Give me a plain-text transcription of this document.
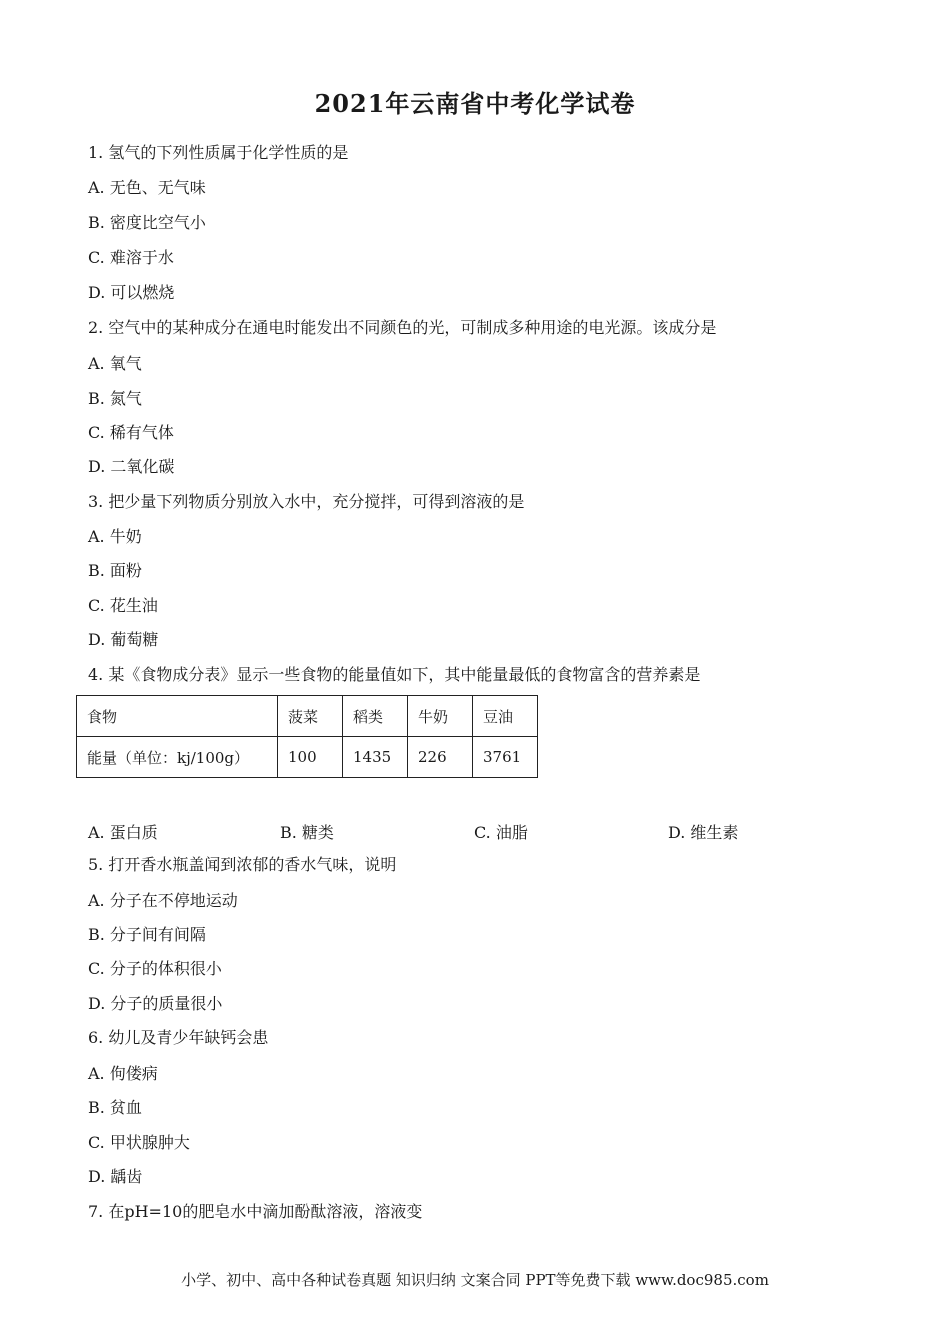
2021年云南省中考化学试卷
1. 氢气的下列性质属于化学性质的是
A. 无色、无气味
B. 密度比空气小
C. 难溶于水
D. 可以燃烧
2. 空气中的某种成分在通电时能发出不同颜色的光，可制成多种用途的电光源。该成分是
A. 氧气
B. 氮气
C. 稀有气体
D. 二氧化碳
3. 把少量下列物质分别放入水中，充分搅拌，可得到溶液的是
A. 牛奶
B. 面粉
C. 花生油
D. 葡萄糖
4. 某《食物成分表》显示一些食物的能量值如下，其中能量最低的食物富含的营养素是
食物	菠菜	稻类	牛奶	豆油
能量（单位：kj/100g）	100	1435	226	3761
A. 蛋白质	B. 糖类	C. 油脂	D. 维生素
5. 打开香水瓶盖闻到浓郁的香水气味，说明
A. 分子在不停地运动
B. 分子间有间隔
C. 分子的体积很小
D. 分子的质量很小
6. 幼儿及青少年缺钙会患
A. 佝偻病
B. 贫血
C. 甲状腺肿大
D. 龋齿
7. 在pH=10的肥皂水中滴加酚酞溶液，溶液变
小学、初中、高中各种试卷真题 知识归纳 文案合同 PPT等免费下载 www.doc985.com
